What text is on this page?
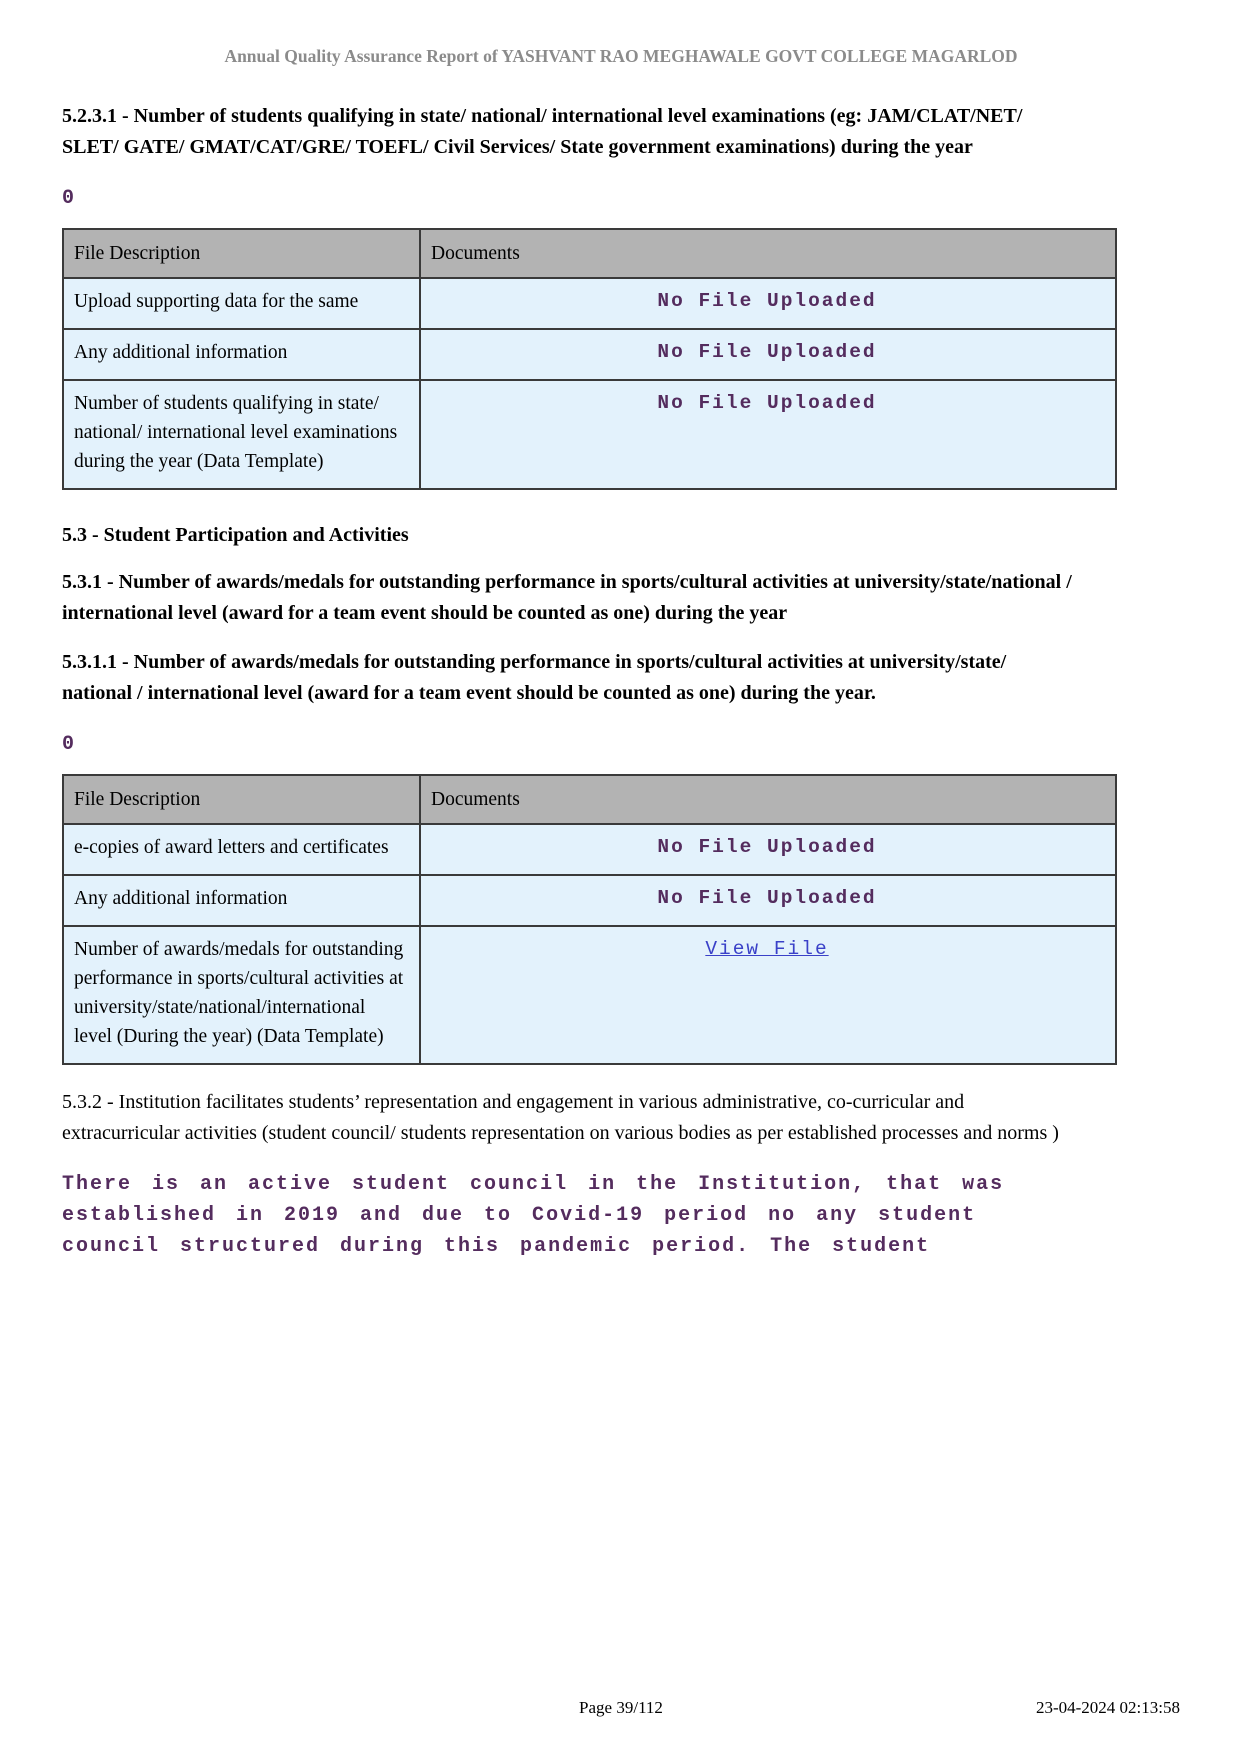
Annual Quality Assurance Report of YASHVANT RAO MEGHAWALE GOVT COLLEGE MAGARLOD
5.2.3.1 - Number of students qualifying in state/ national/ international level examinations (eg: JAM/CLAT/NET/ SLET/ GATE/ GMAT/CAT/GRE/ TOEFL/ Civil Services/ State government examinations) during the year
0
File Description	Documents
Upload supporting data for the same	No File Uploaded
Any additional information	No File Uploaded
Number of students qualifying in state/ national/ international level examinations during the year (Data Template)	No File Uploaded
5.3 - Student Participation and Activities
5.3.1 - Number of awards/medals for outstanding performance in sports/cultural activities at university/state/national / international level (award for a team event should be counted as one) during the year
5.3.1.1 - Number of awards/medals for outstanding performance in sports/cultural activities at university/state/ national / international level (award for a team event should be counted as one) during the year.
0
File Description	Documents
e-copies of award letters and certificates	No File Uploaded
Any additional information	No File Uploaded
Number of awards/medals for outstanding performance in sports/cultural activities at university/state/national/international level (During the year) (Data Template)	View File
5.3.2 - Institution facilitates students’ representation and engagement in various administrative, co-curricular and extracurricular activities (student council/ students representation on various bodies as per established processes and norms )
There is an active student council in the Institution, that was established in 2019 and due to Covid-19 period no any student council structured during this pandemic period. The student
Page 39/112	23-04-2024 02:13:58
